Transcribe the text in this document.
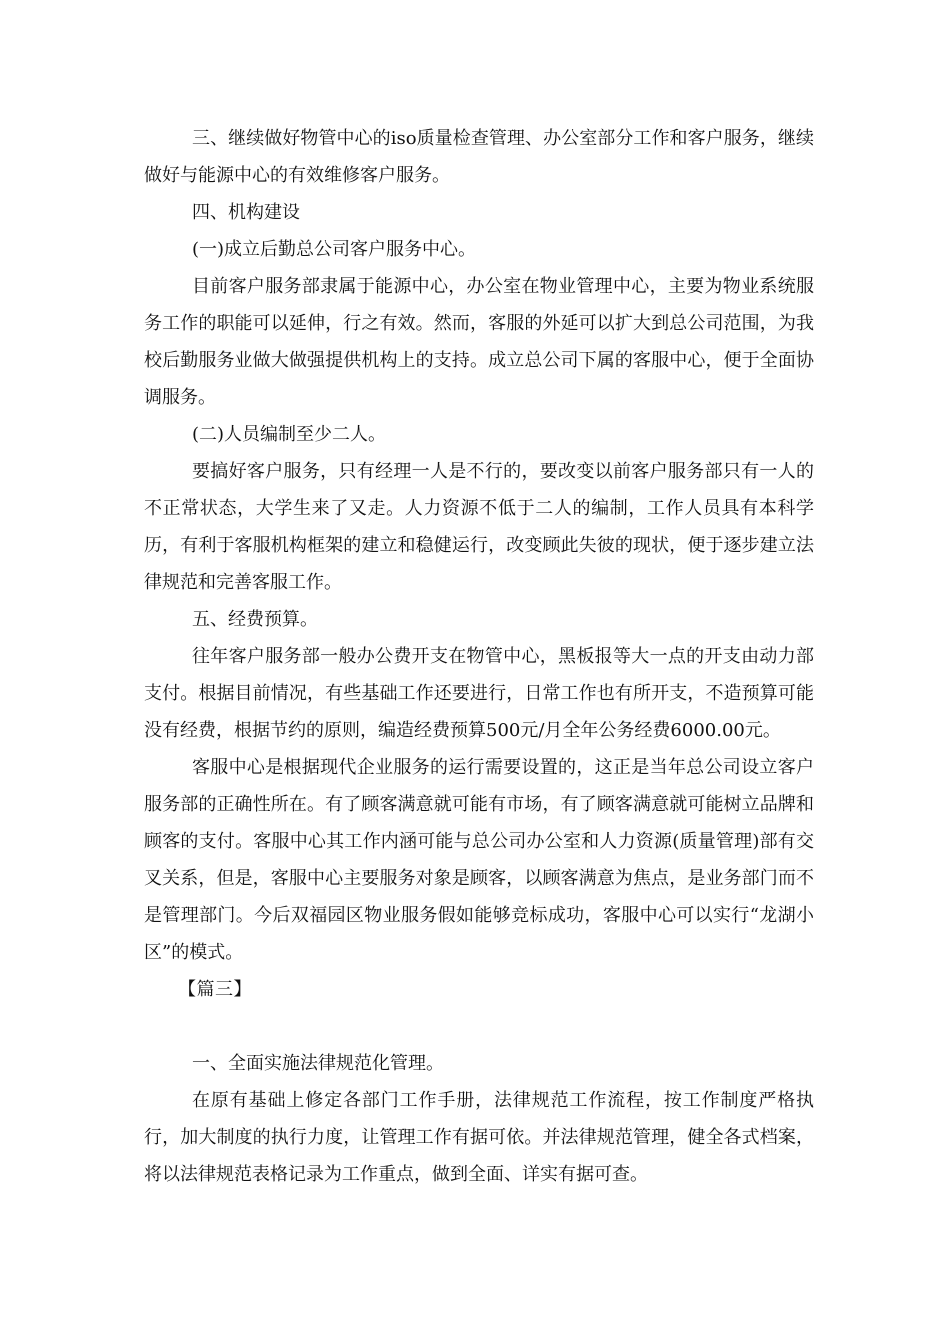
三、继续做好物管中心的iso质量检查管理、办公室部分工作和客户服务，继续做好与能源中心的有效维修客户服务。

四、机构建设

(一)成立后勤总公司客户服务中心。

目前客户服务部隶属于能源中心，办公室在物业管理中心，主要为物业系统服务工作的职能可以延伸，行之有效。然而，客服的外延可以扩大到总公司范围，为我校后勤服务业做大做强提供机构上的支持。成立总公司下属的客服中心，便于全面协调服务。

(二)人员编制至少二人。

要搞好客户服务，只有经理一人是不行的，要改变以前客户服务部只有一人的不正常状态，大学生来了又走。人力资源不低于二人的编制，工作人员具有本科学历，有利于客服机构框架的建立和稳健运行，改变顾此失彼的现状，便于逐步建立法律规范和完善客服工作。

五、经费预算。

往年客户服务部一般办公费开支在物管中心，黑板报等大一点的开支由动力部支付。根据目前情况，有些基础工作还要进行，日常工作也有所开支，不造预算可能没有经费，根据节约的原则，编造经费预算500元/月全年公务经费6000.00元。

客服中心是根据现代企业服务的运行需要设置的，这正是当年总公司设立客户服务部的正确性所在。有了顾客满意就可能有市场，有了顾客满意就可能树立品牌和顾客的支付。客服中心其工作内涵可能与总公司办公室和人力资源(质量管理)部有交叉关系，但是，客服中心主要服务对象是顾客，以顾客满意为焦点，是业务部门而不是管理部门。今后双福园区物业服务假如能够竞标成功，客服中心可以实行“龙湖小区”的模式。

【篇三】

一、全面实施法律规范化管理。

在原有基础上修定各部门工作手册，法律规范工作流程，按工作制度严格执行，加大制度的执行力度，让管理工作有据可依。并法律规范管理，健全各式档案，将以法律规范表格记录为工作重点，做到全面、详实有据可查。
